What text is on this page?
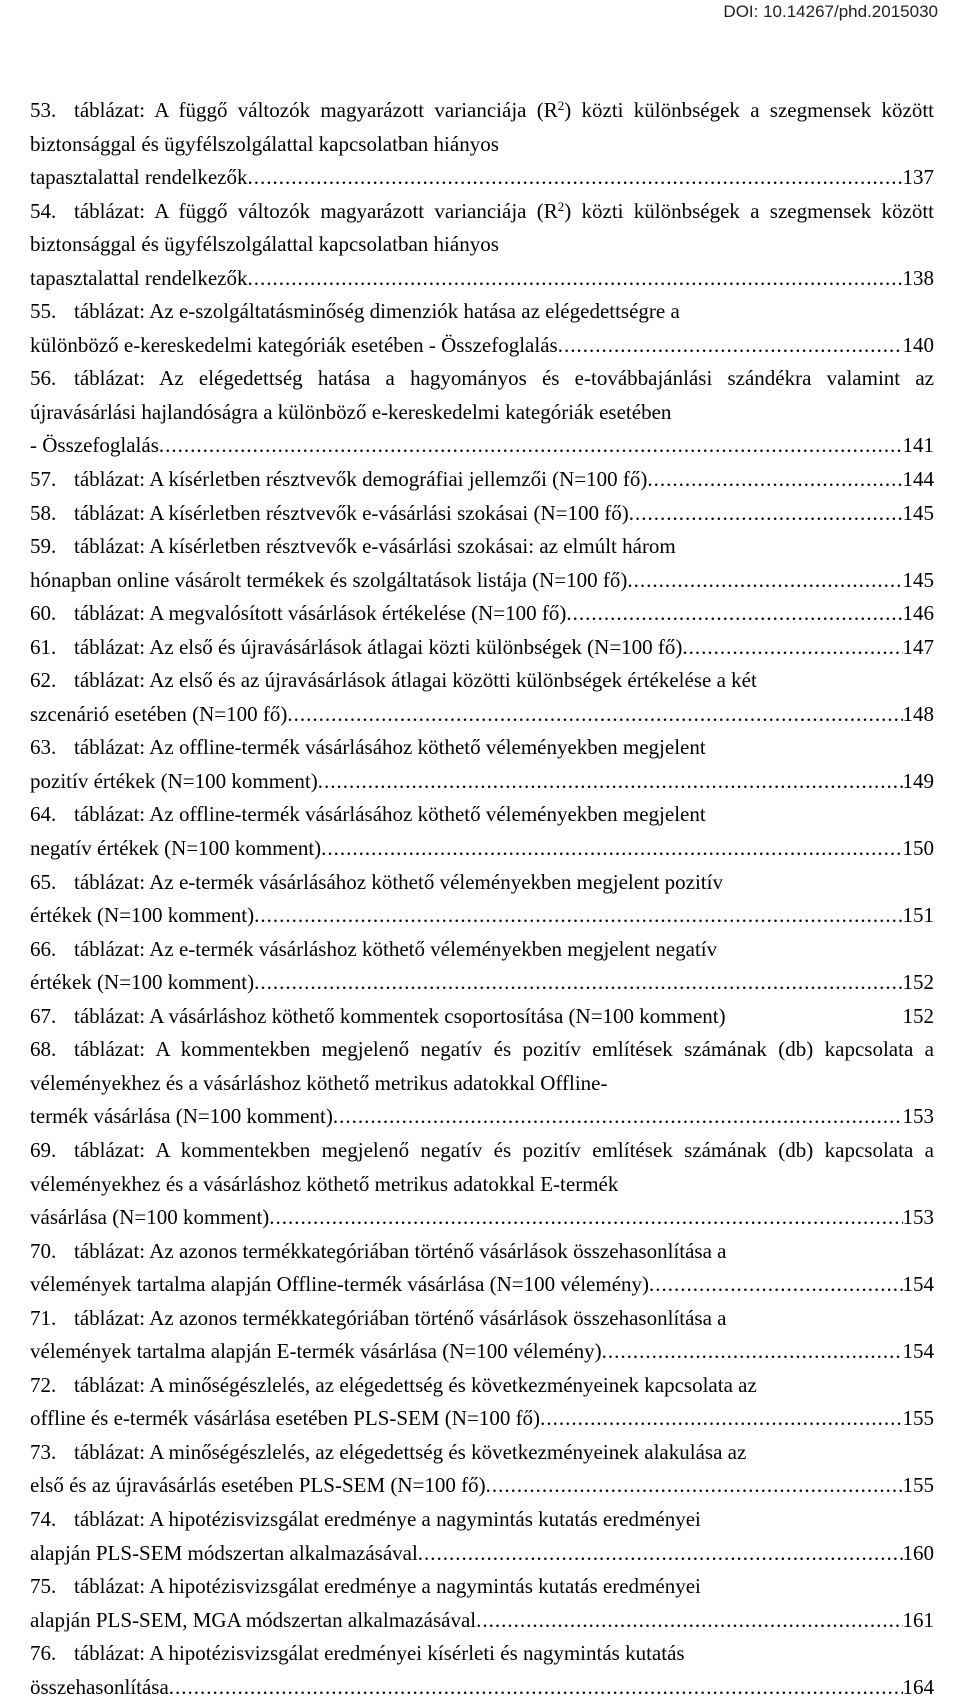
DOI: 10.14267/phd.2015030
53. táblázat: A függő változók magyarázott varianciája $(R^2)$ közti különbségek a szegmensek között biztonsággal és ügyfélszolgálattal kapcsolatban hiányos
tapasztalattal rendelkezők .....	137
54. táblázat: A függő változók magyarázott varianciája $(R^2)$ közti különbségek a szegmensek között biztonsággal és ügyfélszolgálattal kapcsolatban hiányos
tapasztalattal rendelkezők .....	138
55. táblázat: Az e-szolgáltatásminőség dimenziók hatása az elégedettségre a
különböző e-kereskedelmi kategóriák esetében - Összefoglalás .....	140
56. táblázat: Az elégedettség hatása a hagyományos és e-továbbajánlási szándékra valamint az újravásárlási hajlandóságra a különböző e-kereskedelmi kategóriák esetében
- Összefoglalás .....	141
57. táblázat: A kísérletben résztvevők demográfiai jellemzői (N=100 fő) .....	144
58. táblázat: A kísérletben résztvevők e-vásárlási szokásai (N=100 fő) .....	145
59. táblázat: A kísérletben résztvevők e-vásárlási szokásai: az elmúlt három
hónapban online vásárolt termékek és szolgáltatások listája (N=100 fő) .....	145
60. táblázat: A megvalósított vásárlások értékelése (N=100 fő) .....	146
61. táblázat: Az első és újravásárlások átlagai közti különbségek (N=100 fő) .....	147
62. táblázat: Az első és az újravásárlások átlagai közötti különbségek értékelése a két
szcenárió esetében (N=100 fő) .....	148
63. táblázat: Az offline-termék vásárlásához köthető véleményekben megjelent
pozitív értékek (N=100 komment) .....	149
64. táblázat: Az offline-termék vásárlásához köthető véleményekben megjelent
negatív értékek (N=100 komment) .....	150
65. táblázat: Az e-termék vásárlásához köthető véleményekben megjelent pozitív
értékek (N=100 komment) .....	151
66. táblázat: Az e-termék vásárláshoz köthető véleményekben megjelent negatív
értékek (N=100 komment) .....	152
67. táblázat: A vásárláshoz köthető kommentek csoportosítása (N=100 komment)	152
68. táblázat: A kommentekben megjelenő negatív és pozitív említések számának (db) kapcsolata a véleményekhez és a vásárláshoz köthető metrikus adatokkal Offline-
termék vásárlása (N=100 komment) .....	153
69. táblázat: A kommentekben megjelenő negatív és pozitív említések számának (db) kapcsolata a véleményekhez és a vásárláshoz köthető metrikus adatokkal E-termék
vásárlása (N=100 komment) .....	153
70. táblázat: Az azonos termékkategóriában történő vásárlások összehasonlítása a
vélemények tartalma alapján Offline-termék vásárlása (N=100 vélemény) .....	154
71. táblázat: Az azonos termékkategóriában történő vásárlások összehasonlítása a
vélemények tartalma alapján E-termék vásárlása (N=100 vélemény) .....	154
72. táblázat: A minőségészlelés, az elégedettség és következményeinek kapcsolata az
offline és e-termék vásárlása esetében PLS-SEM (N=100 fő) .....	155
73. táblázat: A minőségészlelés, az elégedettség és következményeinek alakulása az
első és az újravásárlás esetében PLS-SEM (N=100 fő) .....	155
74. táblázat: A hipotézisvizsgálat eredménye a nagymintás kutatás eredményei
alapján PLS-SEM módszertan alkalmazásával .....	160
75. táblázat: A hipotézisvizsgálat eredménye a nagymintás kutatás eredményei
alapján PLS-SEM, MGA módszertan alkalmazásával .....	161
76. táblázat: A hipotézisvizsgálat eredményei kísérleti és nagymintás kutatás
összehasonlítása .....	164
